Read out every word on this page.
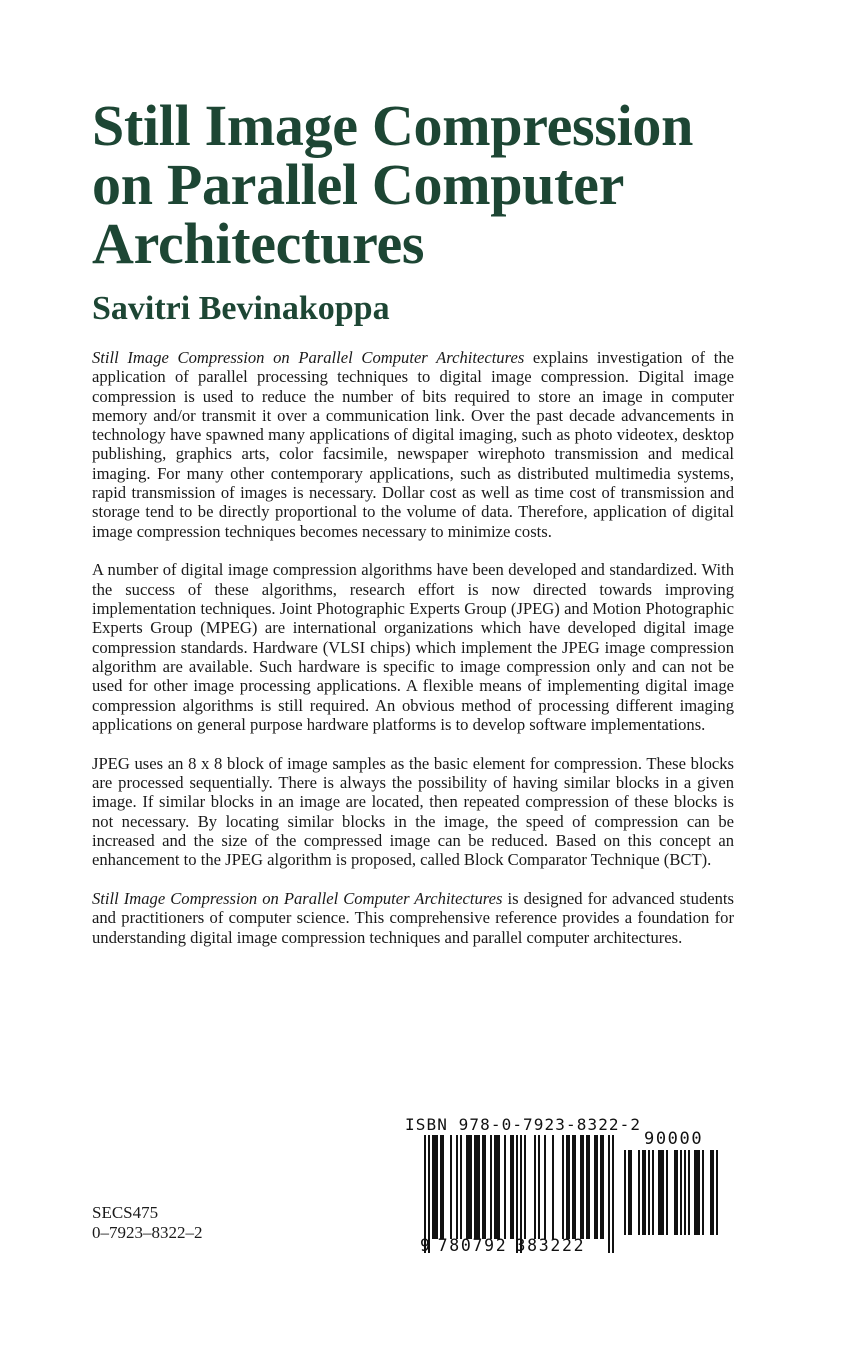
Still Image Compression
on Parallel Computer
Architectures
Savitri Bevinakoppa

Still Image Compression on Parallel Computer Architectures explains investigation of the application of parallel processing techniques to digital image compression. Digital image compression is used to reduce the number of bits required to store an image in computer memory and/or transmit it over a communication link. Over the past decade advancements in technology have spawned many applications of digital imaging, such as photo videotex, desktop publishing, graphics arts, color facsimile, newspaper wirephoto transmission and medical imaging. For many other contemporary applications, such as distributed multimedia systems, rapid transmission of images is necessary. Dollar cost as well as time cost of transmission and storage tend to be directly proportional to the volume of data. Therefore, application of digital image compression techniques becomes necessary to minimize costs.

A number of digital image compression algorithms have been developed and standardized. With the success of these algorithms, research effort is now directed towards improving implementation techniques. Joint Photographic Experts Group (JPEG) and Motion Photographic Experts Group (MPEG) are international organizations which have developed digital image compression standards. Hardware (VLSI chips) which implement the JPEG image compression algorithm are available. Such hardware is specific to image compression only and can not be used for other image processing applications. A flexible means of implementing digital image compression algorithms is still required. An obvious method of processing different imaging applications on general purpose hardware platforms is to develop software implementations.

JPEG uses an 8 x 8 block of image samples as the basic element for compression. These blocks are processed sequentially. There is always the possibility of having similar blocks in a given image. If similar blocks in an image are located, then repeated compression of these blocks is not necessary. By locating similar blocks in the image, the speed of compression can be increased and the size of the compressed image can be reduced. Based on this concept an enhancement to the JPEG algorithm is proposed, called Block Comparator Technique (BCT).

Still Image Compression on Parallel Computer Architectures is designed for advanced students and practitioners of computer science. This comprehensive reference provides a foundation for understanding digital image compression techniques and parallel computer architectures.

SECS475
0–7923–8322–2
ISBN 978-0-7923-8322-2
90000
9 780792 383222
